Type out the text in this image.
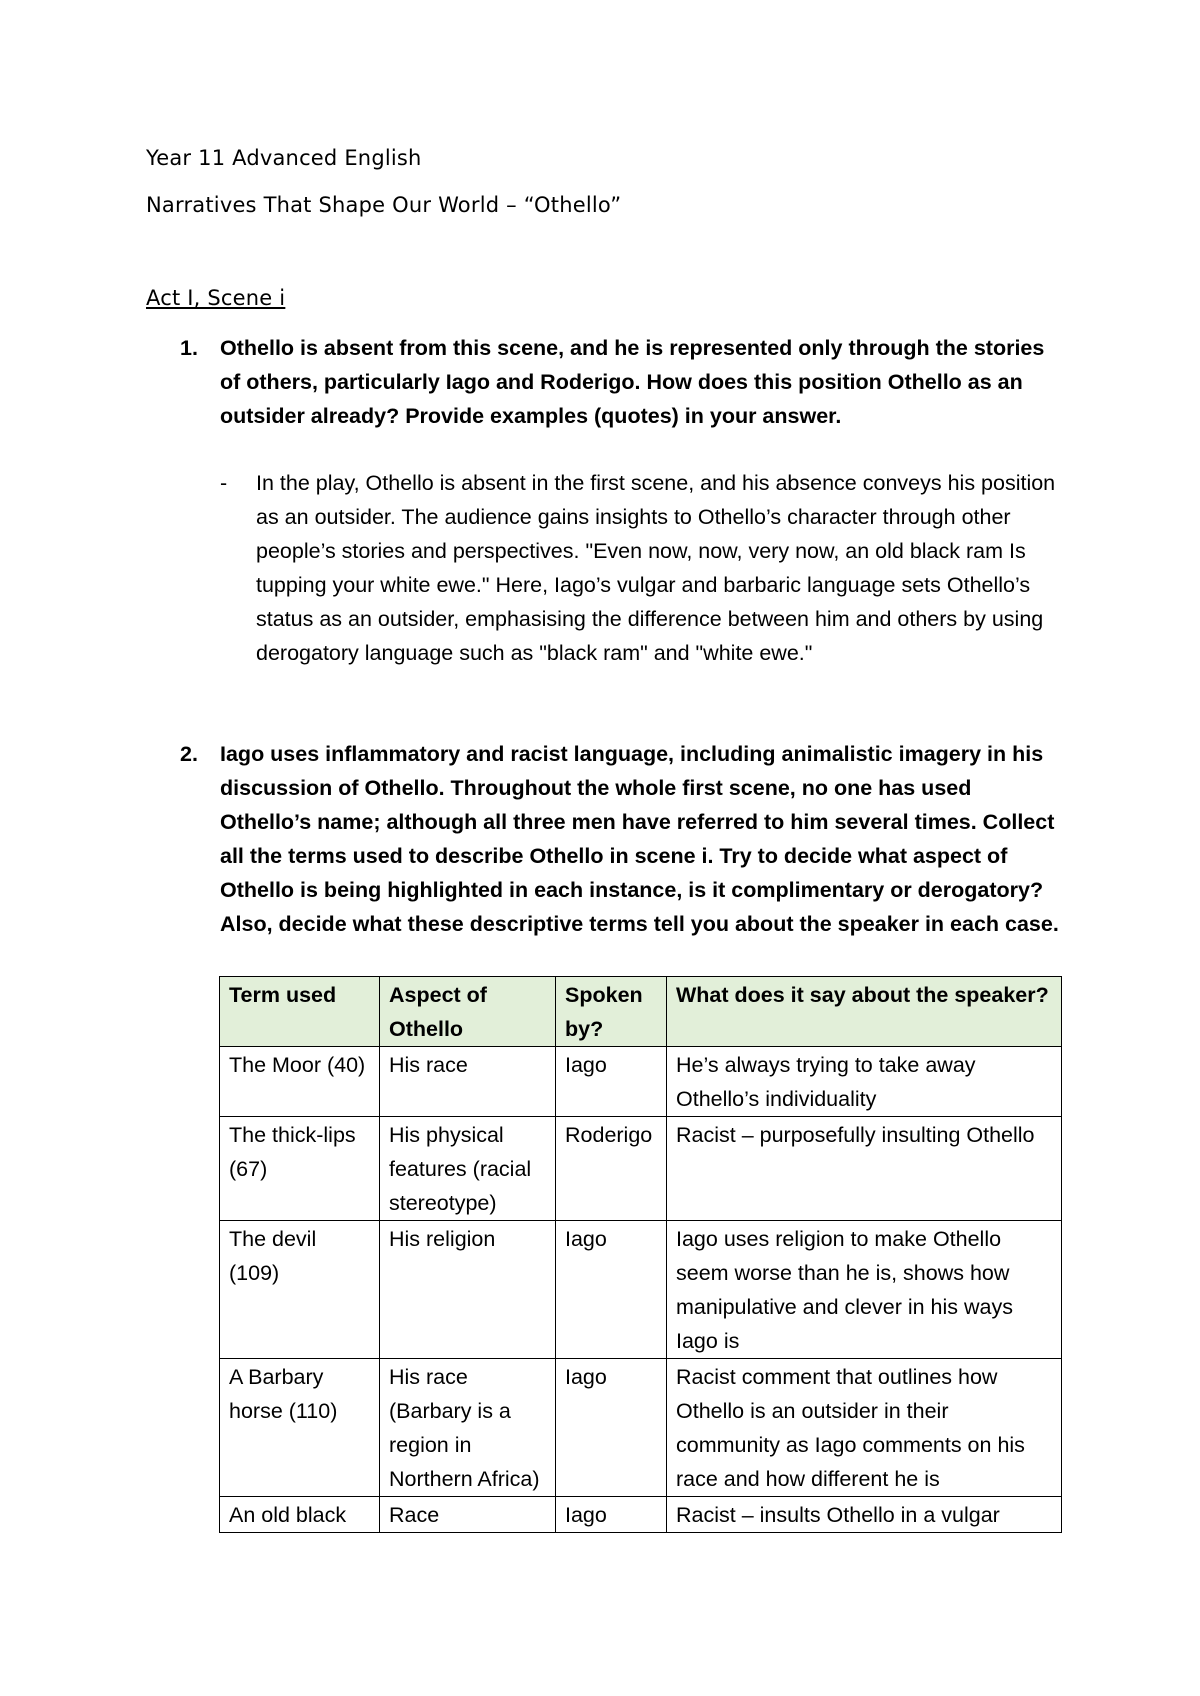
Year 11 Advanced English
Narratives That Shape Our World – “Othello”
Act I, Scene i
1.	Othello is absent from this scene, and he is represented only through the stories of others, particularly Iago and Roderigo. How does this position Othello as an outsider already? Provide examples (quotes) in your answer.
- In the play, Othello is absent in the first scene, and his absence conveys his position as an outsider. The audience gains insights to Othello’s character through other people’s stories and perspectives. "Even now, now, very now, an old black ram Is tupping your white ewe." Here, Iago’s vulgar and barbaric language sets Othello’s status as an outsider, emphasising the difference between him and others by using derogatory language such as "black ram" and "white ewe."
2.	Iago uses inflammatory and racist language, including animalistic imagery in his discussion of Othello. Throughout the whole first scene, no one has used Othello’s name; although all three men have referred to him several times. Collect all the terms used to describe Othello in scene i. Try to decide what aspect of Othello is being highlighted in each instance, is it complimentary or derogatory? Also, decide what these descriptive terms tell you about the speaker in each case.
Term used	Aspect of Othello	Spoken by?	What does it say about the speaker?
The Moor (40)	His race	Iago	He’s always trying to take away Othello’s individuality
The thick-lips (67)	His physical features (racial stereotype)	Roderigo	Racist – purposefully insulting Othello
The devil (109)	His religion	Iago	Iago uses religion to make Othello seem worse than he is, shows how manipulative and clever in his ways Iago is
A Barbary horse (110)	His race (Barbary is a region in Northern Africa)	Iago	Racist comment that outlines how Othello is an outsider in their community as Iago comments on his race and how different he is
An old black	Race	Iago	Racist – insults Othello in a vulgar
